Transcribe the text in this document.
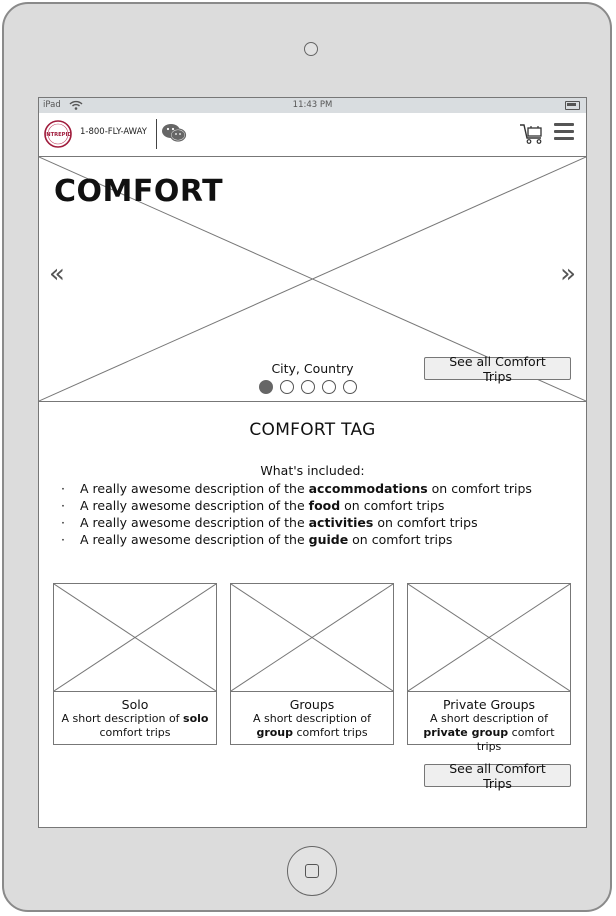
iPad	11:43 PM
INTREPID 1-800-FLY-AWAY
COMFORT
«	»
City, Country	See all Comfort Trips
COMFORT TAG
What's included:
· A really awesome description of the accommodations on comfort trips
· A really awesome description of the food on comfort trips
· A really awesome description of the activities on comfort trips
· A really awesome description of the guide on comfort trips
Solo
A short description of solo comfort trips
Groups
A short description of group comfort trips
Private Groups
A short description of private group comfort trips
See all Comfort Trips
